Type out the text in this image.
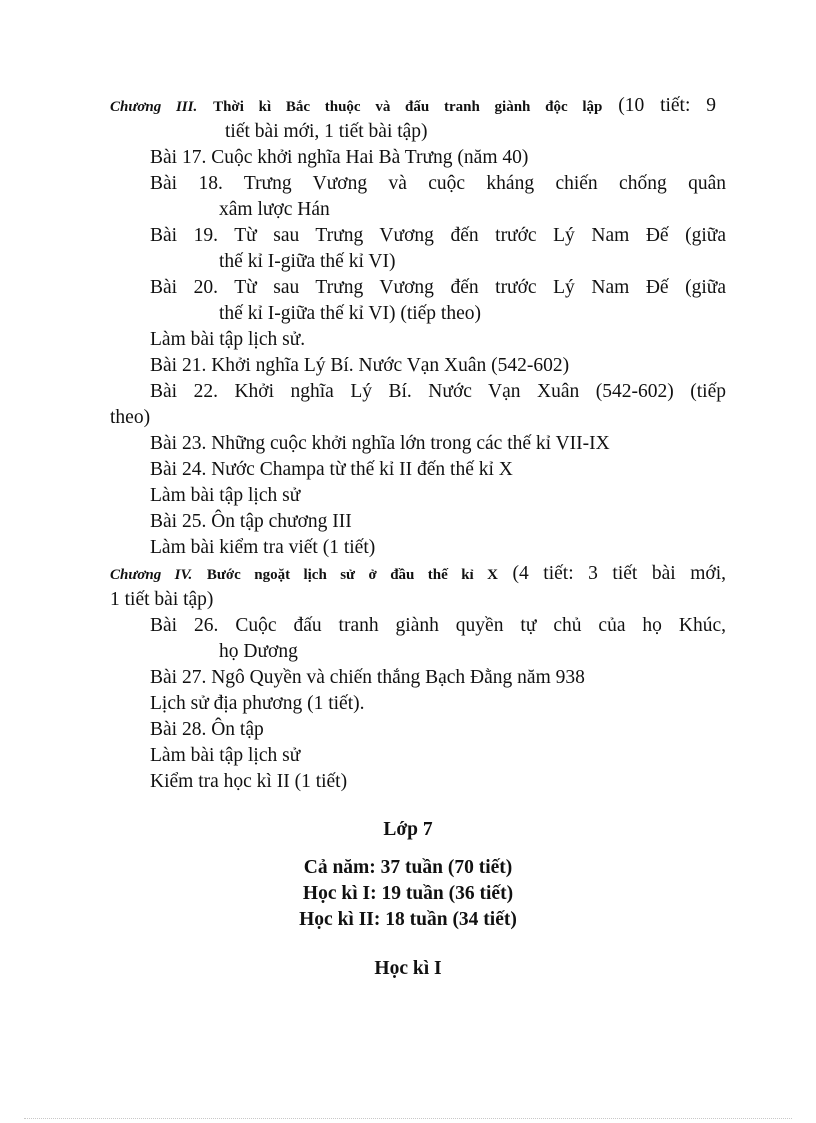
Chương III. Thời kì Bắc thuộc và đấu tranh giành độc lập (10 tiết: 9
tiết bài mới, 1 tiết bài tập)
Bài 17. Cuộc khởi nghĩa Hai Bà Trưng (năm 40)
Bài 18. Trưng Vương và cuộc kháng chiến chống quân
xâm lược Hán
Bài 19. Từ sau Trưng Vương đến trước Lý Nam Đế (giữa
thế kỉ I-giữa thế kỉ VI)
Bài 20. Từ sau Trưng Vương đến trước Lý Nam Đế (giữa
thế kỉ I-giữa thế kỉ VI) (tiếp theo)
Làm bài tập lịch sử.
Bài 21. Khởi nghĩa Lý Bí. Nước Vạn Xuân (542-602)
Bài 22. Khởi nghĩa Lý Bí. Nước Vạn Xuân (542-602) (tiếp
theo)
Bài 23. Những cuộc khởi nghĩa lớn trong các thế kỉ VII-IX
Bài 24. Nước Champa từ thế kỉ II đến thế kỉ X
Làm bài tập lịch sử
Bài 25. Ôn tập chương III
Làm bài kiểm tra viết (1 tiết)
Chương IV. Bước ngoặt lịch sử ở đầu thế kỉ X (4 tiết: 3 tiết bài mới,
1 tiết bài tập)
Bài 26. Cuộc đấu tranh giành quyền tự chủ của họ Khúc,
họ Dương
Bài 27. Ngô Quyền và chiến thắng Bạch Đằng năm 938
Lịch sử địa phương (1 tiết).
Bài 28. Ôn tập
Làm bài tập lịch sử
Kiểm tra học kì II (1 tiết)
Lớp 7
Cả năm: 37 tuần (70 tiết)
Học kì I: 19 tuần (36 tiết)
Học kì II: 18 tuần (34 tiết)
Học kì I
